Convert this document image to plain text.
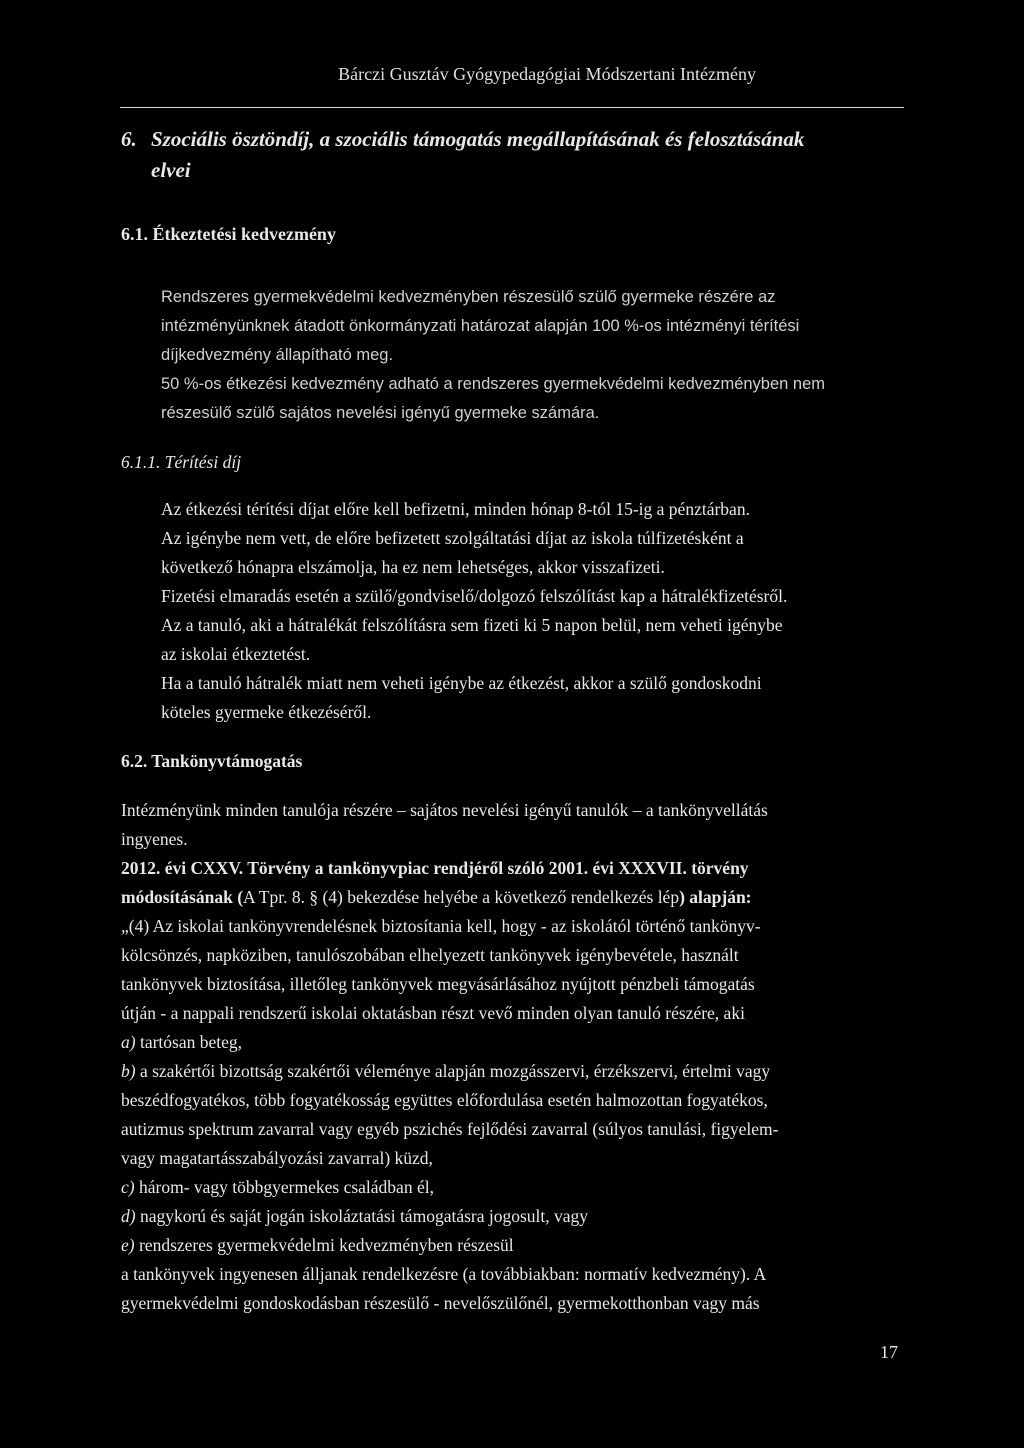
Bárczi Gusztáv Gyógypedagógiai Módszertani Intézmény
6. Szociális ösztöndíj, a szociális támogatás megállapításának és felosztásának
elvei

6.1. Étkeztetési kedvezmény

Rendszeres gyermekvédelmi kedvezményben részesülő szülő gyermeke részére az

intézményünknek átadott önkormányzati határozat alapján 100 %-os intézményi térítési

díjkedvezmény állapítható meg.

50 %-os étkezési kedvezmény adható a rendszeres gyermekvédelmi kedvezményben nem

részesülő szülő sajátos nevelési igényű gyermeke számára.

6.1.1. Térítési díj

Az étkezési térítési díjat előre kell befizetni, minden hónap 8-tól 15-ig a pénztárban.

Az igénybe nem vett, de előre befizetett szolgáltatási díjat az iskola túlfizetésként a

következő hónapra elszámolja, ha ez nem lehetséges, akkor visszafizeti.

Fizetési elmaradás esetén a szülő/gondviselő/dolgozó felszólítást kap a hátralékfizetésről.

Az a tanuló, aki a hátralékát felszólításra sem fizeti ki 5 napon belül, nem veheti igénybe

az iskolai étkeztetést.

Ha a tanuló hátralék miatt nem veheti igénybe az étkezést, akkor a szülő gondoskodni

köteles gyermeke étkezéséről.

6.2. Tankönyvtámogatás

Intézményünk minden tanulója részére – sajátos nevelési igényű tanulók – a tankönyvellátás

ingyenes.

2012. évi CXXV. Törvény a tankönyvpiac rendjéről szóló 2001. évi XXXVII. törvény

módosításának (A Tpr. 8. § (4) bekezdése helyébe a következő rendelkezés lép) alapján:

„(4) Az iskolai tankönyvrendelésnek biztosítania kell, hogy - az iskolától történő tankönyv-

kölcsönzés, napköziben, tanulószobában elhelyezett tankönyvek igénybevétele, használt

tankönyvek biztosítása, illetőleg tankönyvek megvásárlásához nyújtott pénzbeli támogatás

útján - a nappali rendszerű iskolai oktatásban részt vevő minden olyan tanuló részére, aki

a) tartósan beteg,

b) a szakértői bizottság szakértői véleménye alapján mozgásszervi, érzékszervi, értelmi vagy

beszédfogyatékos, több fogyatékosság együttes előfordulása esetén halmozottan fogyatékos,

autizmus spektrum zavarral vagy egyéb pszichés fejlődési zavarral (súlyos tanulási, figyelem-

vagy magatartásszabályozási zavarral) küzd,

c) három- vagy többgyermekes családban él,

d) nagykorú és saját jogán iskoláztatási támogatásra jogosult, vagy

e) rendszeres gyermekvédelmi kedvezményben részesül

a tankönyvek ingyenesen álljanak rendelkezésre (a továbbiakban: normatív kedvezmény). A

gyermekvédelmi gondoskodásban részesülő - nevelőszülőnél, gyermekotthonban vagy más

17
